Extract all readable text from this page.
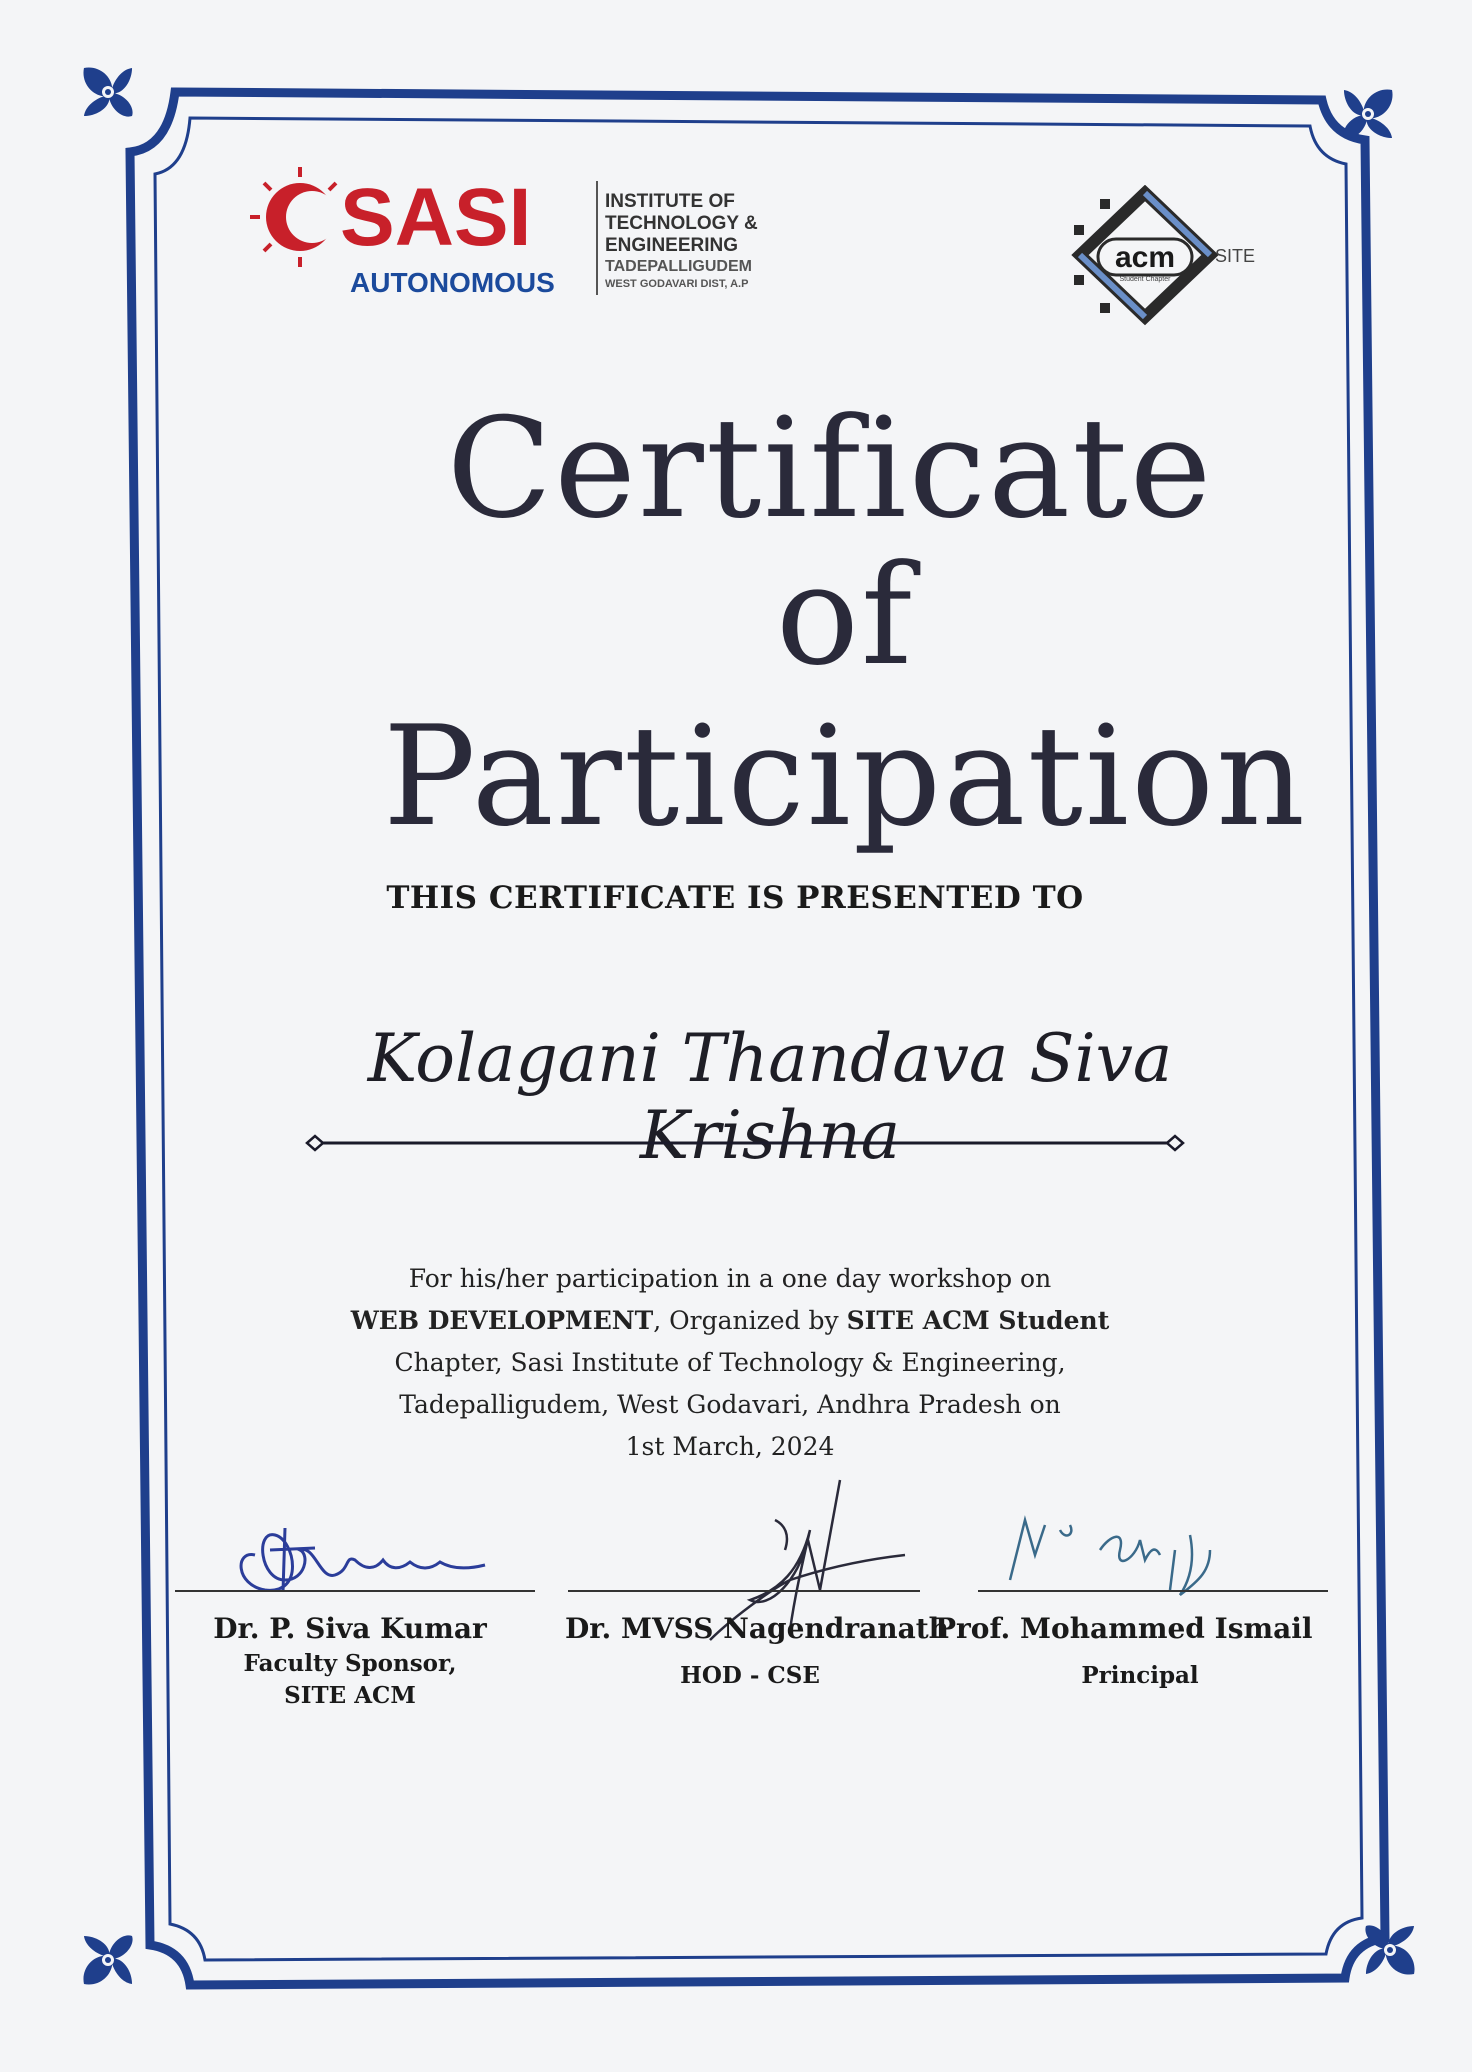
SASI
AUTONOMOUS
INSTITUTE OF
TECHNOLOGY &
ENGINEERING
TADEPALLIGUDEM
WEST GODAVARI DIST, A.P
acm
Student Chapter
SITE
Certificate
of Participation
THIS CERTIFICATE IS PRESENTED TO
Kolagani Thandava Siva Krishna
For his/her participation in a one day workshop on
WEB DEVELOPMENT, Organized by SITE ACM Student
Chapter, Sasi Institute of Technology & Engineering,
Tadepalligudem, West Godavari, Andhra Pradesh on
1st March, 2024
Dr. P. Siva Kumar
Faculty Sponsor,
SITE ACM
Dr. MVSS Nagendranath
HOD - CSE
Prof. Mohammed Ismail
Principal
